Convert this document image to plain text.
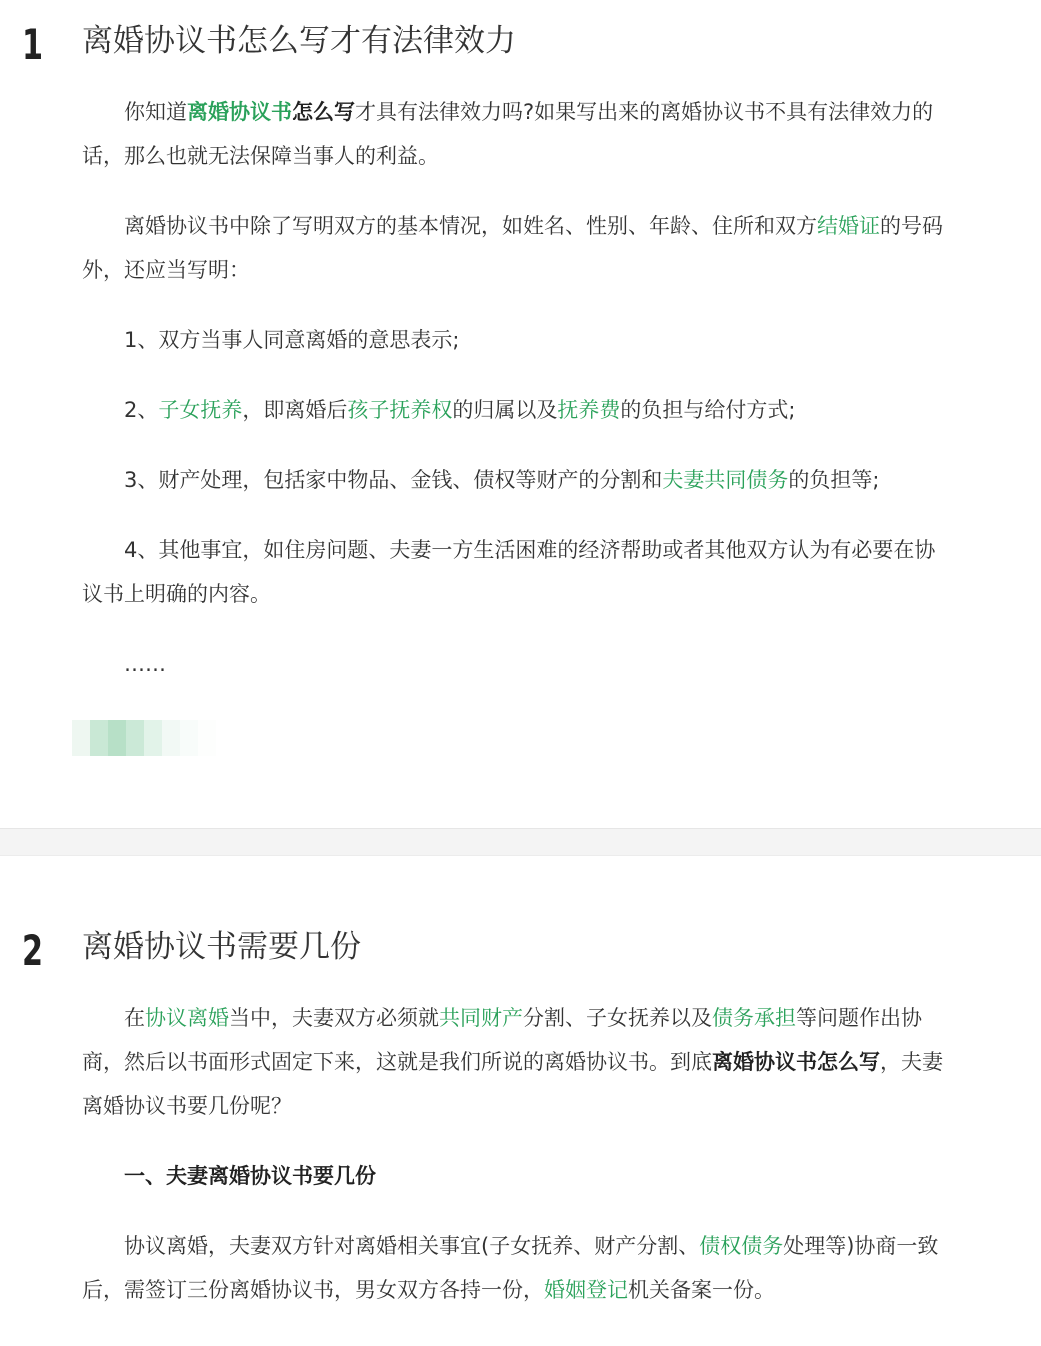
1 离婚协议书怎么写才有法律效力

你知道离婚协议书怎么写才具有法律效力吗?如果写出来的离婚协议书不具有法律效力的话，那么也就无法保障当事人的利益。

离婚协议书中除了写明双方的基本情况，如姓名、性别、年龄、住所和双方结婚证的号码外，还应当写明：

1、双方当事人同意离婚的意思表示;

2、子女抚养，即离婚后孩子抚养权的归属以及抚养费的负担与给付方式;

3、财产处理，包括家中物品、金钱、债权等财产的分割和夫妻共同债务的负担等;

4、其他事宜，如住房问题、夫妻一方生活困难的经济帮助或者其他双方认为有必要在协议书上明确的内容。

……

2 离婚协议书需要几份

在协议离婚当中，夫妻双方必须就共同财产分割、子女抚养以及债务承担等问题作出协商，然后以书面形式固定下来，这就是我们所说的离婚协议书。到底离婚协议书怎么写，夫妻离婚协议书要几份呢？

一、夫妻离婚协议书要几份

协议离婚，夫妻双方针对离婚相关事宜(子女抚养、财产分割、债权债务处理等)协商一致后，需签订三份离婚协议书，男女双方各持一份，婚姻登记机关备案一份。
